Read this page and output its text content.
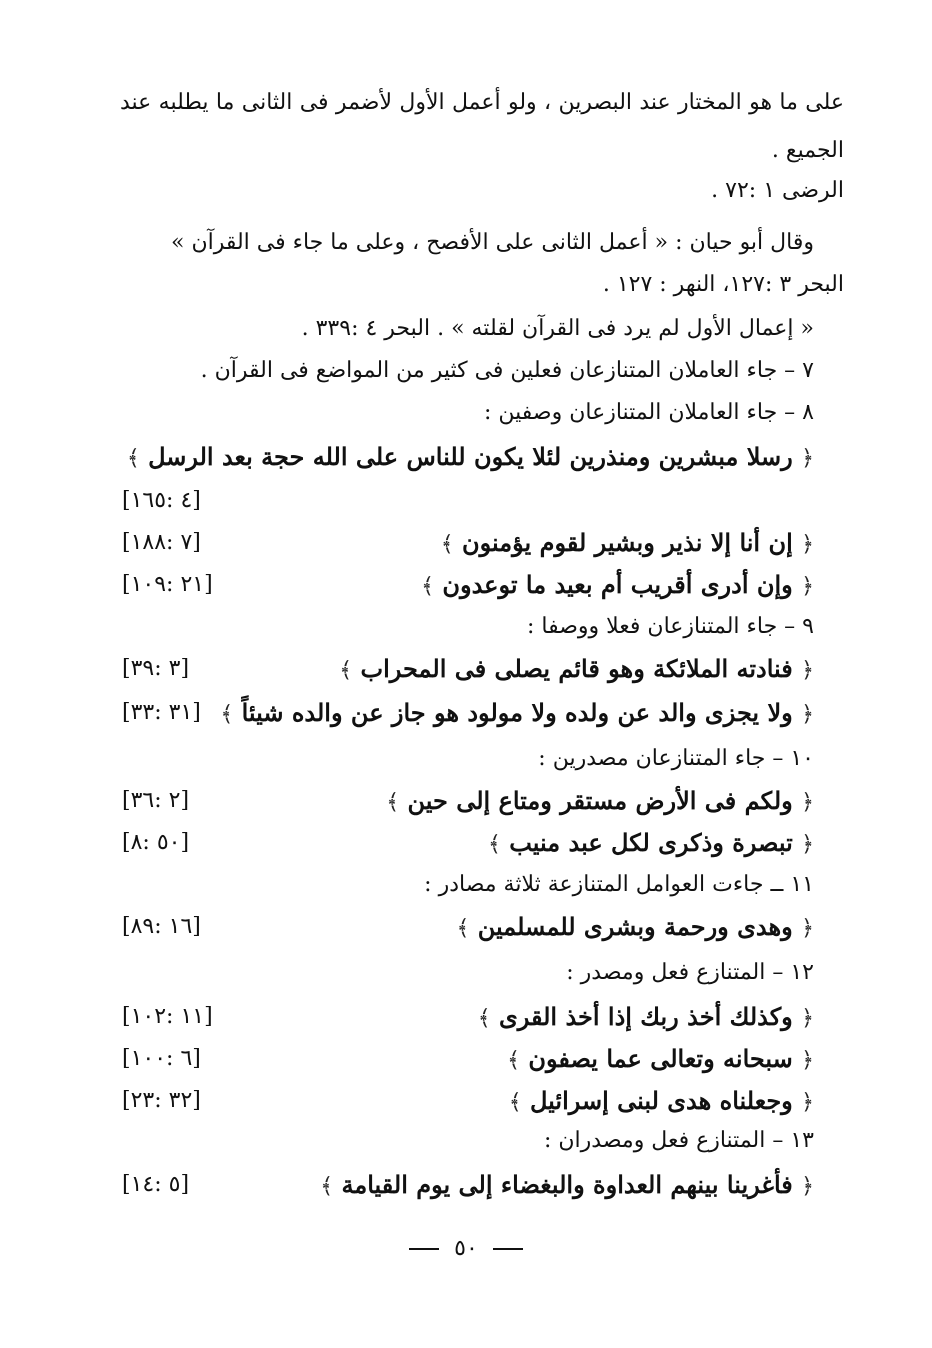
على ما هو المختار عند البصرين ، ولو أعمل الأول لأضمر فى الثانى ما يطلبه عند
الجميع .
الرضى ١ :٧٢ .
وقال أبو حيان : « أعمل الثانى على الأفصح ، وعلى ما جاء فى القرآن »
البحر ٣ :١٢٧، النهر : ١٢٧ .
« إعمال الأول لم يرد فى القرآن لقلته » . البحر ٤ :٣٣٩ .
٧ – جاء العاملان المتنازعان فعلين فى كثير من المواضع فى القرآن .
٨ – جاء العاملان المتنازعان وصفين :
﴿ رسلا مبشرين ومنذرين لئلا يكون للناس على الله حجة بعد الرسل ﴾
[٤ :١٦٥]
﴿ إن أنا إلا نذير وبشير لقوم يؤمنون ﴾
[٧ :١٨٨]
﴿ وإن أدرى أقريب أم بعيد ما توعدون ﴾
[٢١ :١٠٩]
٩ – جاء المتنازعان فعلا ووصفا :
﴿ فنادته الملائكة وهو قائم يصلى فى المحراب ﴾
[٣ :٣٩]
﴿ ولا يجزى والد عن ولده ولا مولود هو جاز عن والده شيئاً ﴾
[٣١ :٣٣]
١٠ – جاء المتنازعان مصدرين :
﴿ ولكم فى الأرض مستقر ومتاع إلى حين ﴾
[٢ :٣٦]
﴿ تبصرة وذكرى لكل عبد منيب ﴾
[٥٠ :٨]
١١ ــ جاءت العوامل المتنازعة ثلاثة مصادر :
﴿ وهدى ورحمة وبشرى للمسلمين ﴾
[١٦ :٨٩]
١٢ – المتنازع فعل ومصدر :
﴿ وكذلك أخذ ربك إذا أخذ القرى ﴾
[١١ :١٠٢]
﴿ سبحانه وتعالى عما يصفون ﴾
[٦ :١٠٠]
﴿ وجعلناه هدى لبنى إسرائيل ﴾
[٣٢ :٢٣]
١٣ – المتنازع فعل ومصدران :
﴿ فأغرينا بينهم العداوة والبغضاء إلى يوم القيامة ﴾
[٥ :١٤]
٥٠
